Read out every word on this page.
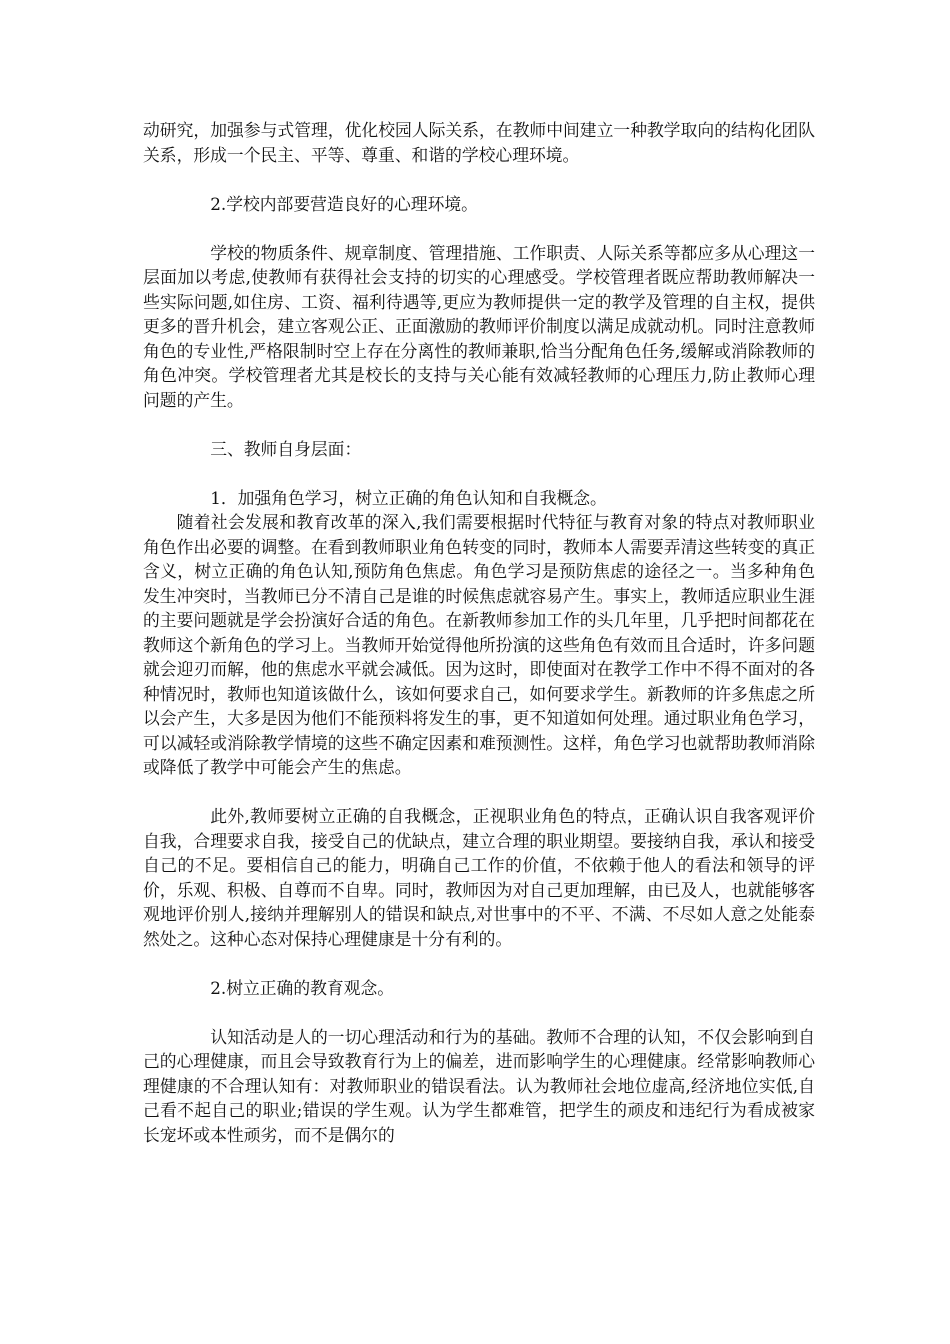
动研究，加强参与式管理，优化校园人际关系，在教师中间建立一种教学取向的结构化团队关系，形成一个民主、平等、尊重、和谐的学校心理环境。

2.学校内部要营造良好的心理环境。

学校的物质条件、规章制度、管理措施、工作职责、人际关系等都应多从心理这一层面加以考虑,使教师有获得社会支持的切实的心理感受。学校管理者既应帮助教师解决一些实际问题,如住房、工资、福利待遇等,更应为教师提供一定的教学及管理的自主权，提供更多的晋升机会，建立客观公正、正面激励的教师评价制度以满足成就动机。同时注意教师角色的专业性,严格限制时空上存在分离性的教师兼职,恰当分配角色任务,缓解或消除教师的角色冲突。学校管理者尤其是校长的支持与关心能有效减轻教师的心理压力,防止教师心理问题的产生。

三、教师自身层面：

1．加强角色学习，树立正确的角色认知和自我概念。

随着社会发展和教育改革的深入,我们需要根据时代特征与教育对象的特点对教师职业角色作出必要的调整。在看到教师职业角色转变的同时，教师本人需要弄清这些转变的真正含义，树立正确的角色认知,预防角色焦虑。角色学习是预防焦虑的途径之一。当多种角色发生冲突时，当教师已分不清自己是谁的时候焦虑就容易产生。事实上，教师适应职业生涯的主要问题就是学会扮演好合适的角色。在新教师参加工作的头几年里，几乎把时间都花在教师这个新角色的学习上。当教师开始觉得他所扮演的这些角色有效而且合适时，许多问题就会迎刃而解，他的焦虑水平就会减低。因为这时，即使面对在教学工作中不得不面对的各种情况时，教师也知道该做什么，该如何要求自己，如何要求学生。新教师的许多焦虑之所以会产生，大多是因为他们不能预料将发生的事，更不知道如何处理。通过职业角色学习，可以减轻或消除教学情境的这些不确定因素和难预测性。这样，角色学习也就帮助教师消除或降低了教学中可能会产生的焦虑。

此外,教师要树立正确的自我概念，正视职业角色的特点，正确认识自我客观评价自我，合理要求自我，接受自己的优缺点，建立合理的职业期望。要接纳自我，承认和接受自己的不足。要相信自己的能力，明确自己工作的价值，不依赖于他人的看法和领导的评价，乐观、积极、自尊而不自卑。同时，教师因为对自己更加理解，由已及人，也就能够客观地评价别人,接纳并理解别人的错误和缺点,对世事中的不平、不满、不尽如人意之处能泰然处之。这种心态对保持心理健康是十分有利的。

2.树立正确的教育观念。

认知活动是人的一切心理活动和行为的基础。教师不合理的认知，不仅会影响到自己的心理健康，而且会导致教育行为上的偏差，进而影响学生的心理健康。经常影响教师心理健康的不合理认知有：对教师职业的错误看法。认为教师社会地位虚高,经济地位实低,自己看不起自己的职业;错误的学生观。认为学生都难管，把学生的顽皮和违纪行为看成被家长宠坏或本性顽劣，而不是偶尔的
